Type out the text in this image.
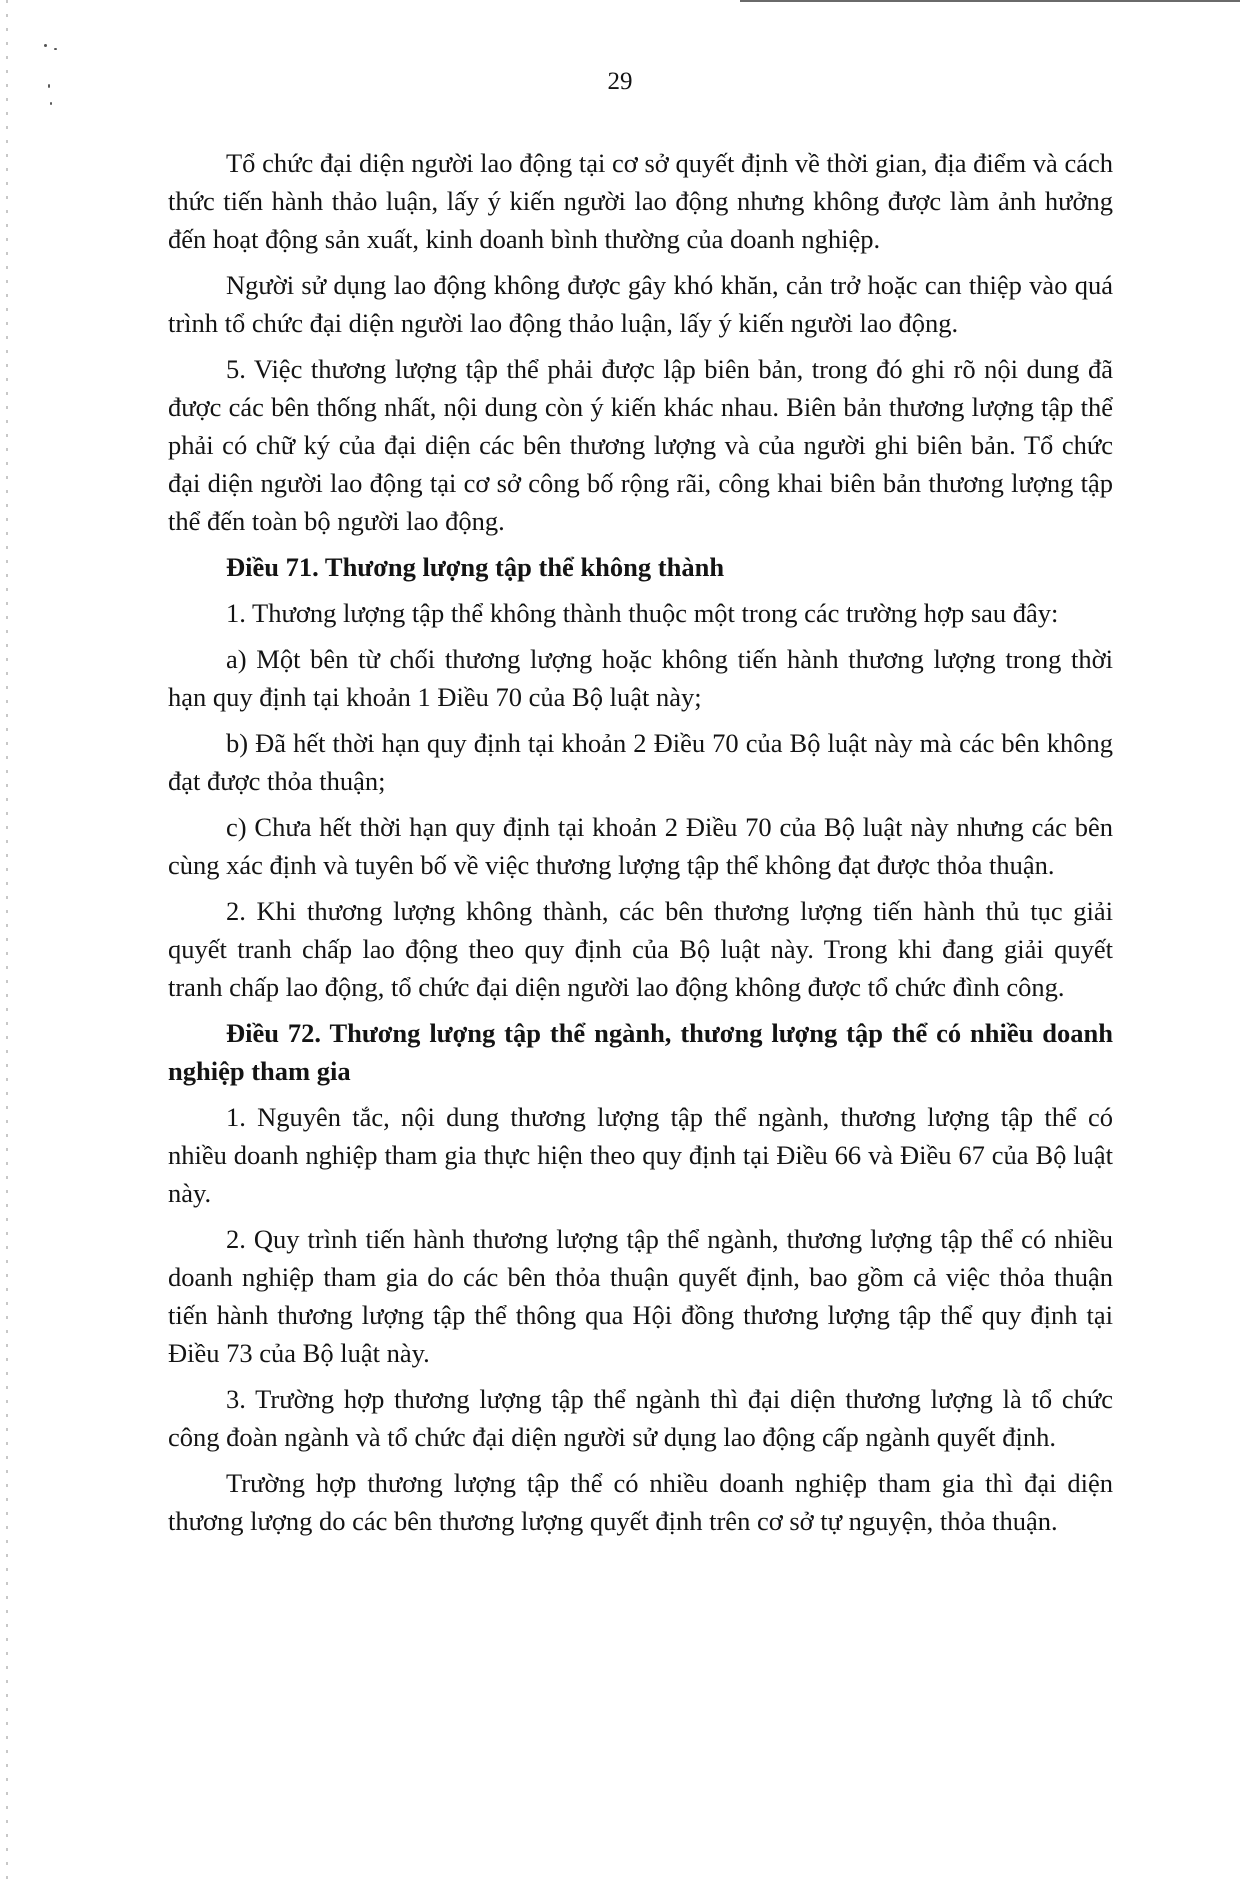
29

Tổ chức đại diện người lao động tại cơ sở quyết định về thời gian, địa điểm và cách thức tiến hành thảo luận, lấy ý kiến người lao động nhưng không được làm ảnh hưởng đến hoạt động sản xuất, kinh doanh bình thường của doanh nghiệp.

Người sử dụng lao động không được gây khó khăn, cản trở hoặc can thiệp vào quá trình tổ chức đại diện người lao động thảo luận, lấy ý kiến người lao động.

5. Việc thương lượng tập thể phải được lập biên bản, trong đó ghi rõ nội dung đã được các bên thống nhất, nội dung còn ý kiến khác nhau. Biên bản thương lượng tập thể phải có chữ ký của đại diện các bên thương lượng và của người ghi biên bản. Tổ chức đại diện người lao động tại cơ sở công bố rộng rãi, công khai biên bản thương lượng tập thể đến toàn bộ người lao động.

Điều 71. Thương lượng tập thể không thành

1. Thương lượng tập thể không thành thuộc một trong các trường hợp sau đây:

a) Một bên từ chối thương lượng hoặc không tiến hành thương lượng trong thời hạn quy định tại khoản 1 Điều 70 của Bộ luật này;

b) Đã hết thời hạn quy định tại khoản 2 Điều 70 của Bộ luật này mà các bên không đạt được thỏa thuận;

c) Chưa hết thời hạn quy định tại khoản 2 Điều 70 của Bộ luật này nhưng các bên cùng xác định và tuyên bố về việc thương lượng tập thể không đạt được thỏa thuận.

2. Khi thương lượng không thành, các bên thương lượng tiến hành thủ tục giải quyết tranh chấp lao động theo quy định của Bộ luật này. Trong khi đang giải quyết tranh chấp lao động, tổ chức đại diện người lao động không được tổ chức đình công.

Điều 72. Thương lượng tập thể ngành, thương lượng tập thể có nhiều doanh nghiệp tham gia

1. Nguyên tắc, nội dung thương lượng tập thể ngành, thương lượng tập thể có nhiều doanh nghiệp tham gia thực hiện theo quy định tại Điều 66 và Điều 67 của Bộ luật này.

2. Quy trình tiến hành thương lượng tập thể ngành, thương lượng tập thể có nhiều doanh nghiệp tham gia do các bên thỏa thuận quyết định, bao gồm cả việc thỏa thuận tiến hành thương lượng tập thể thông qua Hội đồng thương lượng tập thể quy định tại Điều 73 của Bộ luật này.

3. Trường hợp thương lượng tập thể ngành thì đại diện thương lượng là tổ chức công đoàn ngành và tổ chức đại diện người sử dụng lao động cấp ngành quyết định.

Trường hợp thương lượng tập thể có nhiều doanh nghiệp tham gia thì đại diện thương lượng do các bên thương lượng quyết định trên cơ sở tự nguyện, thỏa thuận.
